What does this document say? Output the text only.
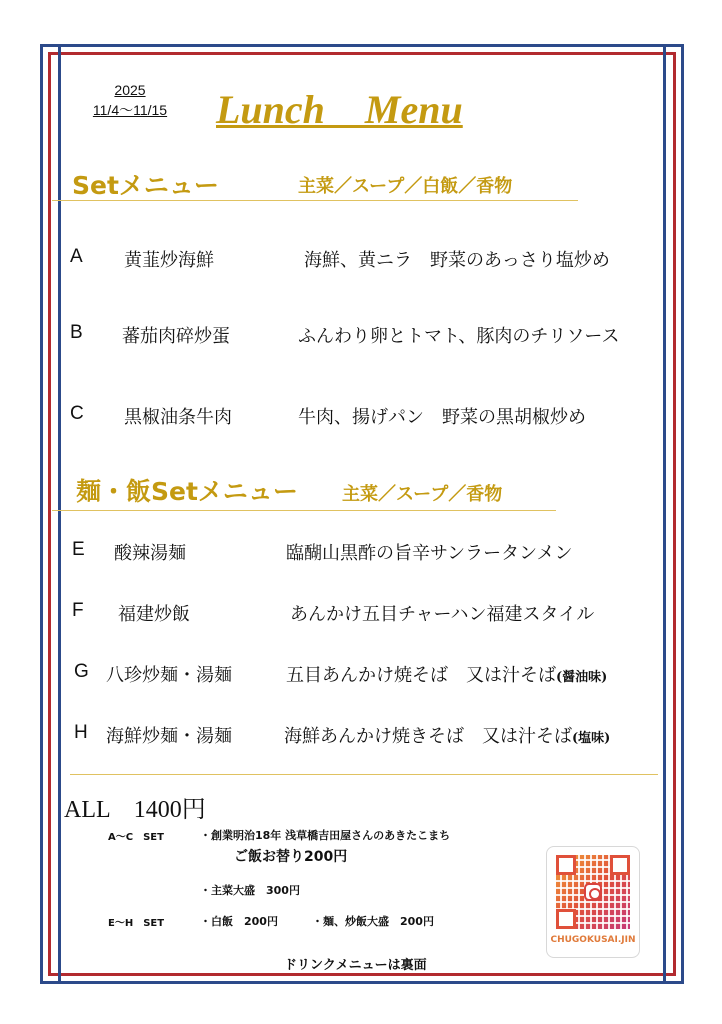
2025
11/4～11/15	Lunch　Menu
Setメニュー	主菜／スープ／白飯／香物
A 黄韮炒海鮮	海鮮、黄ニラ　野菜のあっさり塩炒め
B 蕃茄肉碎炒蛋	ふんわり卵とトマト、豚肉のチリソース
C 黒椒油条牛肉	牛肉、揚げパン　野菜の黒胡椒炒め
麺・飯Setメニュー 主菜／スープ／香物
E 酸辣湯麺	臨醐山黒酢の旨辛サンラータンメン
F 福建炒飯	あんかけ五目チャーハン福建スタイル
G 八珍炒麺・湯麺	五目あんかけ焼そば　又は汁そば(醤油味)
H 海鮮炒麺・湯麺	海鮮あんかけ焼きそば　又は汁そば(塩味)
ALL　1400円
A～C　SET	・創業明治18年 浅草橋吉田屋さんのあきたこまち
ご飯お替り200円
・主菜大盛　300円
E～H　SET	・白飯　200円	・麺、炒飯大盛　200円
ドリンクメニューは裏面
CHUGOKUSAI.JIN
